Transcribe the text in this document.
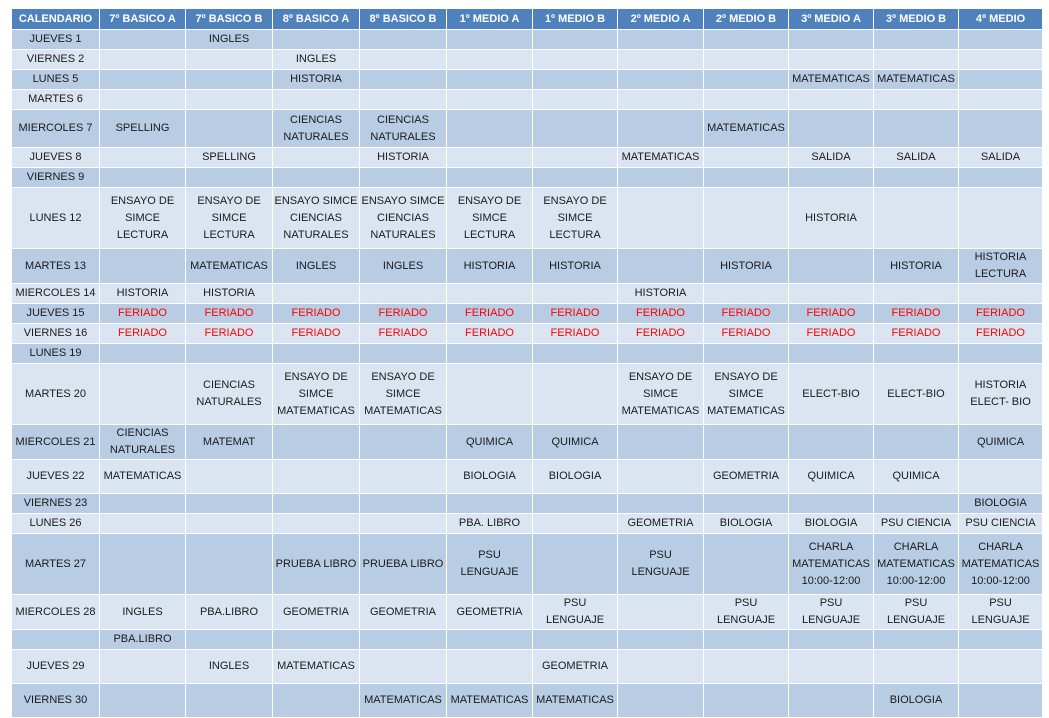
CALENDARIO	7º BASICO A	7º BASICO B	8º BASICO A	8º BASICO B	1º MEDIO A	1º MEDIO B	2º MEDIO A	2º MEDIO B	3º MEDIO A	3º MEDIO B	4º MEDIO
JUEVES 1		INGLES									
VIERNES 2			INGLES								
LUNES 5			HISTORIA						MATEMATICAS	MATEMATICAS	
MARTES 6											
MIERCOLES 7	SPELLING		CIENCIAS
NATURALES	CIENCIAS
NATURALES				MATEMATICAS			
JUEVES 8		SPELLING		HISTORIA			MATEMATICAS		SALIDA	SALIDA	SALIDA
VIERNES 9											
LUNES 12	ENSAYO DE
SIMCE
LECTURA	ENSAYO DE
SIMCE
LECTURA	ENSAYO SIMCE
CIENCIAS
NATURALES	ENSAYO SIMCE
CIENCIAS
NATURALES	ENSAYO DE
SIMCE
LECTURA	ENSAYO DE
SIMCE
LECTURA			HISTORIA		
MARTES 13		MATEMATICAS	INGLES	INGLES	HISTORIA	HISTORIA		HISTORIA		HISTORIA	HISTORIA
LECTURA
MIERCOLES 14	HISTORIA	HISTORIA					HISTORIA				
JUEVES 15	FERIADO	FERIADO	FERIADO	FERIADO	FERIADO	FERIADO	FERIADO	FERIADO	FERIADO	FERIADO	FERIADO
VIERNES 16	FERIADO	FERIADO	FERIADO	FERIADO	FERIADO	FERIADO	FERIADO	FERIADO	FERIADO	FERIADO	FERIADO
LUNES 19											
MARTES 20		CIENCIAS
NATURALES	ENSAYO DE
SIMCE
MATEMATICAS	ENSAYO DE
SIMCE
MATEMATICAS			ENSAYO DE
SIMCE
MATEMATICAS	ENSAYO DE
SIMCE
MATEMATICAS	ELECT-BIO	ELECT-BIO	HISTORIA
ELECT- BIO
MIERCOLES 21	CIENCIAS
NATURALES	MATEMAT			QUIMICA	QUIMICA					QUIMICA
JUEVES 22	MATEMATICAS				BIOLOGIA	BIOLOGIA		GEOMETRIA	QUIMICA	QUIMICA	
VIERNES 23											BIOLOGIA
LUNES 26					PBA. LIBRO		GEOMETRIA	BIOLOGIA	BIOLOGIA	PSU CIENCIA	PSU CIENCIA
MARTES 27			PRUEBA LIBRO	PRUEBA LIBRO	PSU LENGUAJE		PSU LENGUAJE		CHARLA
MATEMATICAS
10:00-12:00	CHARLA
MATEMATICAS
10:00-12:00	CHARLA
MATEMATICAS
10:00-12:00
MIERCOLES 28	INGLES	PBA.LIBRO	GEOMETRIA	GEOMETRIA	GEOMETRIA	PSU LENGUAJE		PSU LENGUAJE	PSU LENGUAJE	PSU LENGUAJE	PSU LENGUAJE
	PBA.LIBRO										
JUEVES 29		INGLES	MATEMATICAS			GEOMETRIA					
VIERNES 30				MATEMATICAS	MATEMATICAS	MATEMATICAS				BIOLOGIA	
